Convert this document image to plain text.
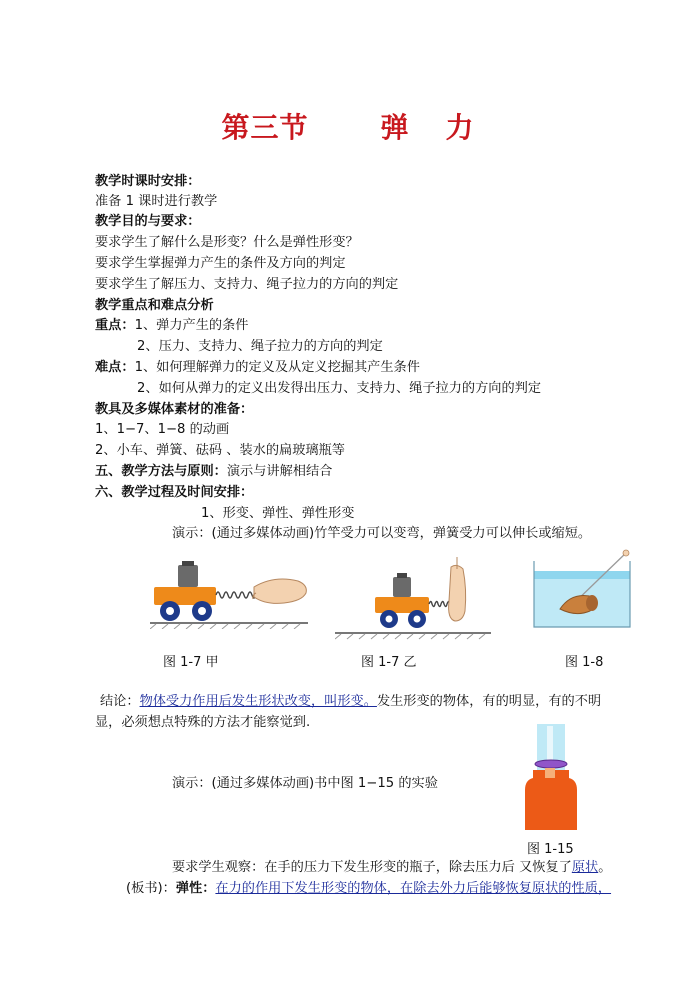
第三节	弹 力
教学时课时安排：
准备 1 课时进行教学
教学目的与要求：
要求学生了解什么是形变？什么是弹性形变？
要求学生掌握弹力产生的条件及方向的判定
要求学生了解压力、支持力、绳子拉力的方向的判定
教学重点和难点分析
重点：1、弹力产生的条件
2、压力、支持力、绳子拉力的方向的判定
难点：1、如何理解弹力的定义及从定义挖掘其产生条件
2、如何从弹力的定义出发得出压力、支持力、绳子拉力的方向的判定
教具及多媒体素材的准备：
1、1−7、1−8 的动画
2、小车、弹簧、砝码 、装水的扁玻璃瓶等
五、教学方法与原则：演示与讲解相结合
六、教学过程及时间安排：
1、形变、弹性、弹性形变
演示：(通过多媒体动画)竹竿受力可以变弯，弹簧受力可以伸长或缩短。
图 1-7 甲	图 1-7 乙	图 1-8
结论：物体受力作用后发生形状改变，叫形变。发生形变的物体，有的明显，有的不明
显，必须想点特殊的方法才能察觉到.
演示：(通过多媒体动画)书中图 1−15 的实验
图 1-15
要求学生观察：在手的压力下发生形变的瓶子，除去压力后 又恢复了原状。
(板书)：弹性：在力的作用下发生形变的物体，在除去外力后能够恢复原状的性质，
